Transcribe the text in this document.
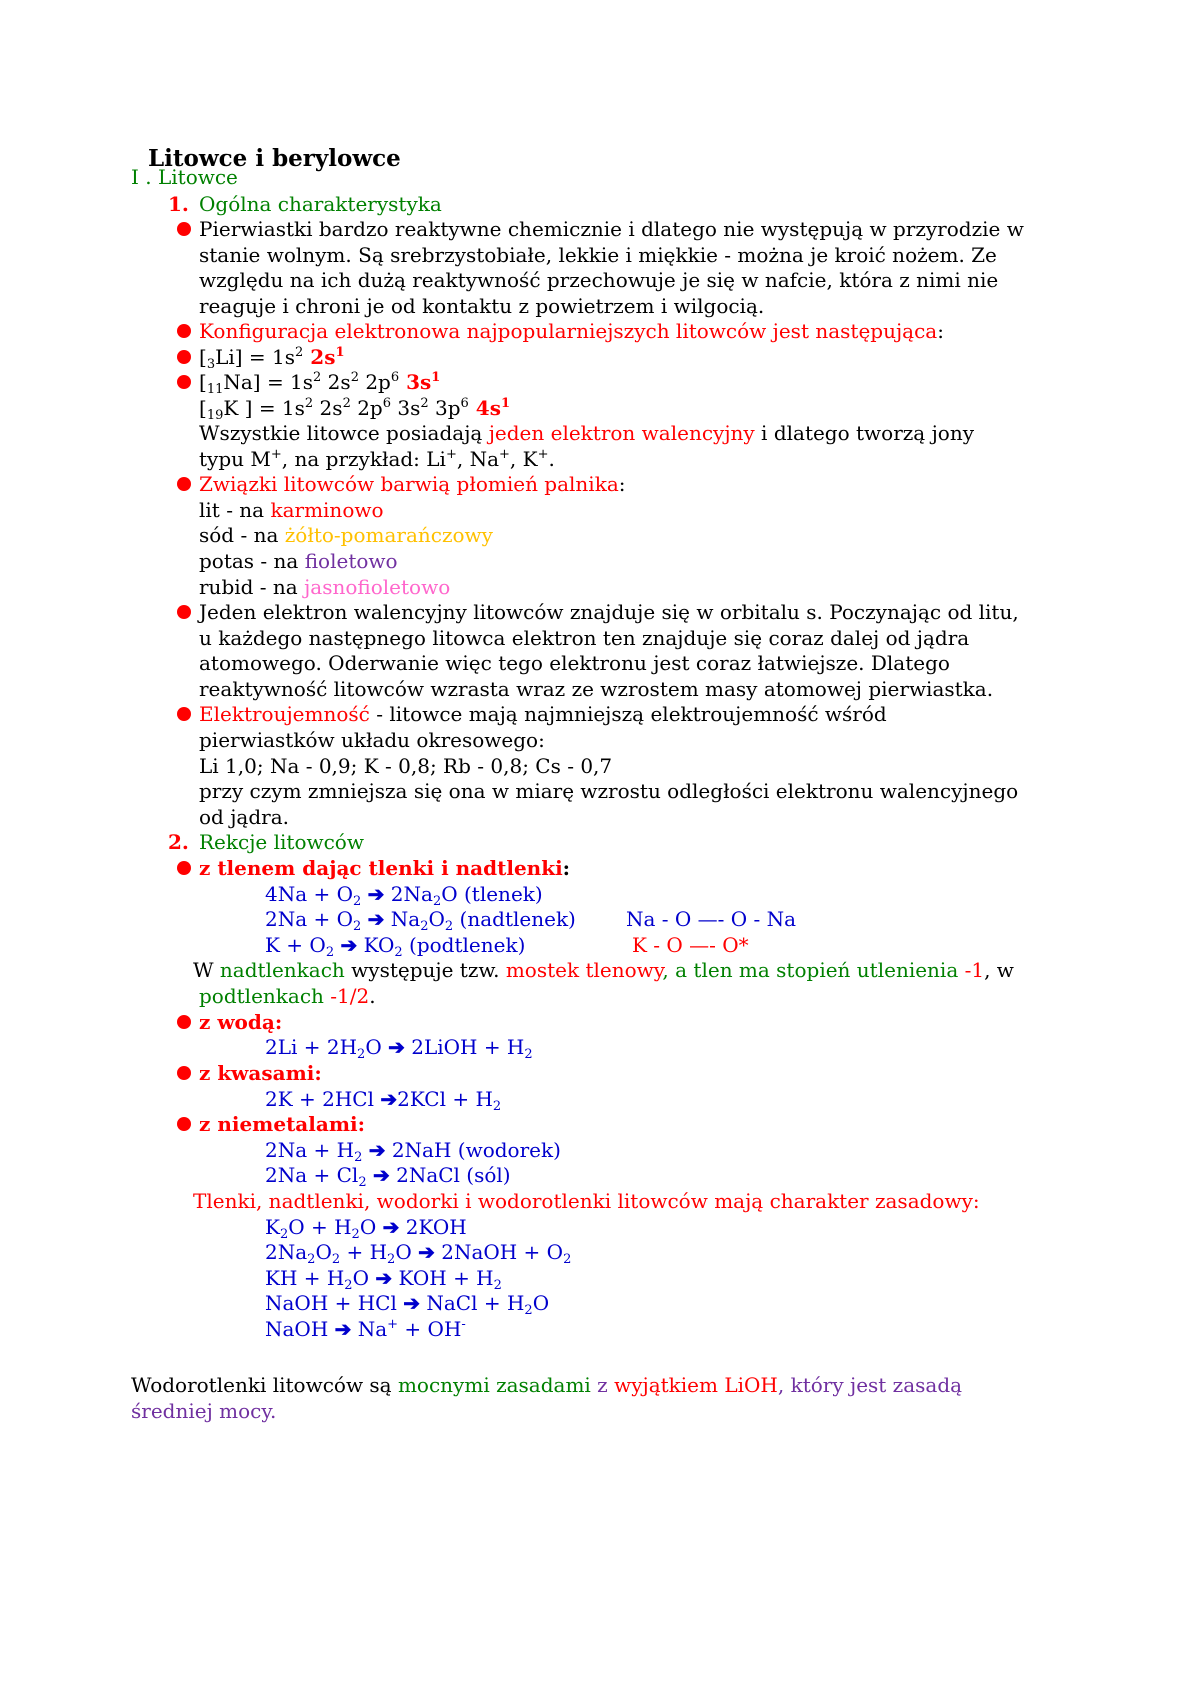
Litowce i berylowce
I . Litowce
1. Ogólna charakterystyka
Pierwiastki bardzo reaktywne chemicznie i dlatego nie występują w przyrodzie w
stanie wolnym. Są srebrzystobiałe, lekkie i miękkie - można je kroić nożem. Ze
względu na ich dużą reaktywność przechowuje je się w nafcie, która z nimi nie
reaguje i chroni je od kontaktu z powietrzem i wilgocią.
Konfiguracja elektronowa najpopularniejszych litowców jest następująca:
$[_3Li] = 1s^2$ $2s^1$
$[_{11}Na] = 1s^2$ $2s^2$ $2p^6$ $3s^1$
[$_{19}K$ ] = $1s^2$ $2s^2$ $2p^6$ $3s^2$ $3p^6$ $4s^1$
Wszystkie litowce posiadają jeden elektron walencyjny i dlatego tworzą jony
typu M+, na przykład: Li+, Na+, K+.
Związki litowców barwią płomień palnika:
lit - na karminowo
sód - na żółto-pomarańczowy
potas - na fioletowo
rubid - na jasnofioletowo
Jeden elektron walencyjny litowców znajduje się w orbitalu s. Poczynając od litu,
u każdego następnego litowca elektron ten znajduje się coraz dalej od jądra
atomowego. Oderwanie więc tego elektronu jest coraz łatwiejsze. Dlatego
reaktywność litowców wzrasta wraz ze wzrostem masy atomowej pierwiastka.
Elektroujemność - litowce mają najmniejszą elektroujemność wśród
pierwiastków układu okresowego:
Li 1,0; Na - 0,9; K - 0,8; Rb - 0,8; Cs - 0,7
przy czym zmniejsza się ona w miarę wzrostu odległości elektronu walencyjnego
od jądra.
2. Rekcje litowców
z tlenem dając tlenki i nadtlenki:
$4Na + O_2$ ➔ $2Na_2O$ (tlenek)
$2Na + O_2$ ➔ $Na_2O_2$ (nadtlenek)
$K + O_2$ ➔ $KO_2$ (podtlenek)
Na - O —- O - Na
K - O —- O*
W nadtlenkach występuje tzw. mostek tlenowy, a tlen ma stopień utlenienia -1, w
podtlenkach -1/2.
z wodą:
$2Li + 2H_2O$ ➔ 2LiOH + $H_2$
z kwasami:
2K + 2HCl ➔2KCl + $H_2$
z niemetalami:
$2Na + H_2$ ➔ 2NaH (wodorek)
$2Na + Cl_2$ ➔ 2NaCl (sól)
Tlenki, nadtlenki, wodorki i wodorotlenki litowców mają charakter zasadowy:
$K_2O + H_2O$ ➔ 2KOH
$2Na_2O_2 + H_2O$ ➔ 2NaOH + $O_2$
KH + $H_2O$ ➔ KOH + $H_2$
NaOH + HCl ➔ NaCl + $H_2O$
NaOH ➔ Na+ + OH-
Wodorotlenki litowców są mocnymi zasadami z wyjątkiem LiOH, który jest zasadą
średniej mocy.
